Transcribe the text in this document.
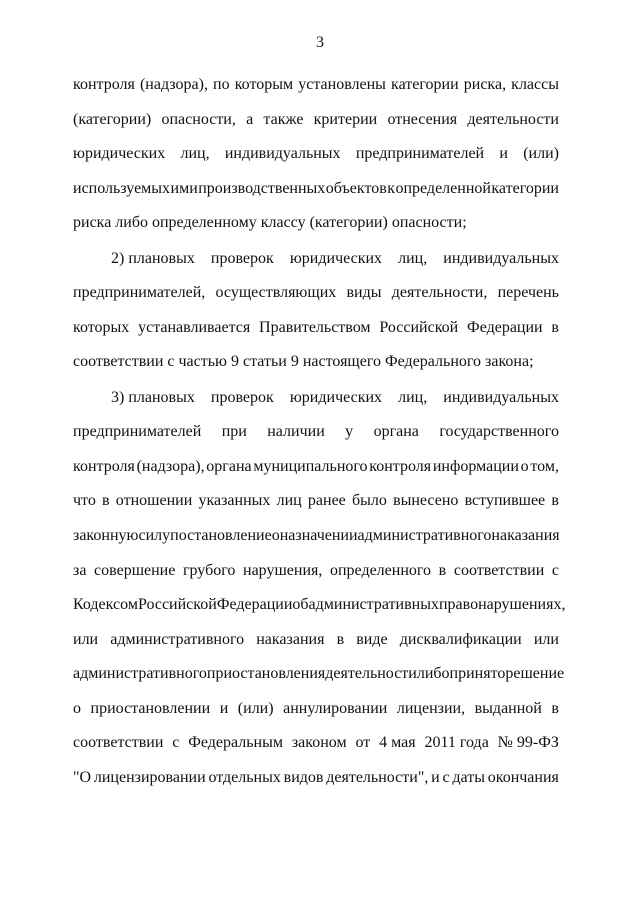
3
контроля (надзора), по которым установлены категории риска, классы
(категории) опасности, а также критерии отнесения деятельности
юридических лиц, индивидуальных предпринимателей и (или)
используемых ими производственных объектов к определенной категории
риска либо определенному классу (категории) опасности;
2) плановых проверок юридических лиц, индивидуальных
предпринимателей, осуществляющих виды деятельности, перечень
которых устанавливается Правительством Российской Федерации в
соответствии с частью 9 статьи 9 настоящего Федерального закона;
3) плановых проверок юридических лиц, индивидуальных
предпринимателей при наличии у органа государственного
контроля (надзора), органа муниципального контроля информации о том,
что в отношении указанных лиц ранее было вынесено вступившее в
законную силу постановление о назначении административного наказания
за совершение грубого нарушения, определенного в соответствии с
Кодексом Российской Федерации об административных правонарушениях,
или административного наказания в виде дисквалификации или
административного приостановления деятельности либо принято решение
о приостановлении и (или) аннулировании лицензии, выданной в
соответствии с Федеральным законом от 4 мая 2011 года № 99-ФЗ
"О лицензировании отдельных видов деятельности", и с даты окончания
